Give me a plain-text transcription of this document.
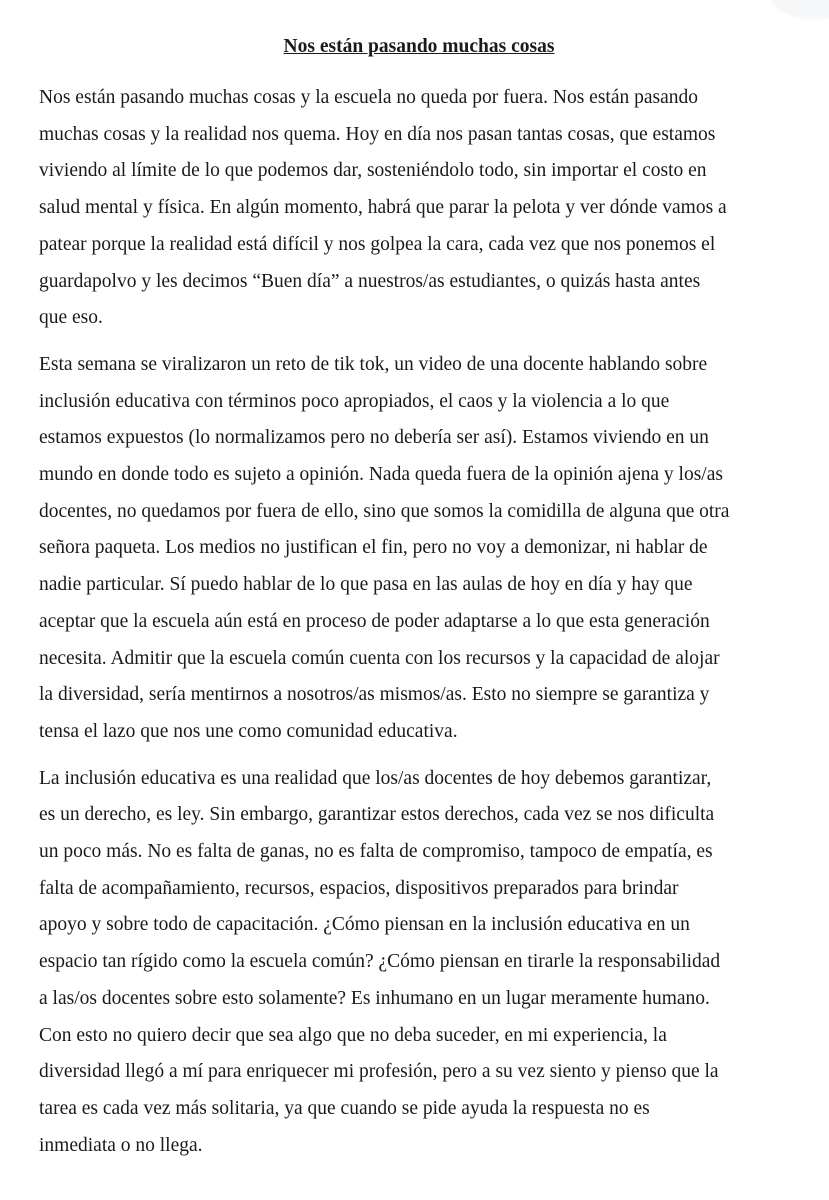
Nos están pasando muchas cosas
Nos están pasando muchas cosas y la escuela no queda por fuera. Nos están pasando
muchas cosas y la realidad nos quema. Hoy en día nos pasan tantas cosas, que estamos
viviendo al límite de lo que podemos dar, sosteniéndolo todo, sin importar el costo en
salud mental y física. En algún momento, habrá que parar la pelota y ver dónde vamos a
patear porque la realidad está difícil y nos golpea la cara, cada vez que nos ponemos el
guardapolvo y les decimos “Buen día” a nuestros/as estudiantes, o quizás hasta antes
que eso.
Esta semana se viralizaron un reto de tik tok, un video de una docente hablando sobre
inclusión educativa con términos poco apropiados, el caos y la violencia a lo que
estamos expuestos (lo normalizamos pero no debería ser así). Estamos viviendo en un
mundo en donde todo es sujeto a opinión. Nada queda fuera de la opinión ajena y los/as
docentes, no quedamos por fuera de ello, sino que somos la comidilla de alguna que otra
señora paqueta. Los medios no justifican el fin, pero no voy a demonizar, ni hablar de
nadie particular. Sí puedo hablar de lo que pasa en las aulas de hoy en día y hay que
aceptar que la escuela aún está en proceso de poder adaptarse a lo que esta generación
necesita. Admitir que la escuela común cuenta con los recursos y la capacidad de alojar
la diversidad, sería mentirnos a nosotros/as mismos/as. Esto no siempre se garantiza y
tensa el lazo que nos une como comunidad educativa.
La inclusión educativa es una realidad que los/as docentes de hoy debemos garantizar,
es un derecho, es ley. Sin embargo, garantizar estos derechos, cada vez se nos dificulta
un poco más. No es falta de ganas, no es falta de compromiso, tampoco de empatía, es
falta de acompañamiento, recursos, espacios, dispositivos preparados para brindar
apoyo y sobre todo de capacitación. ¿Cómo piensan en la inclusión educativa en un
espacio tan rígido como la escuela común? ¿Cómo piensan en tirarle la responsabilidad
a las/os docentes sobre esto solamente? Es inhumano en un lugar meramente humano.
Con esto no quiero decir que sea algo que no deba suceder, en mi experiencia, la
diversidad llegó a mí para enriquecer mi profesión, pero a su vez siento y pienso que la
tarea es cada vez más solitaria, ya que cuando se pide ayuda la respuesta no es
inmediata o no llega.
